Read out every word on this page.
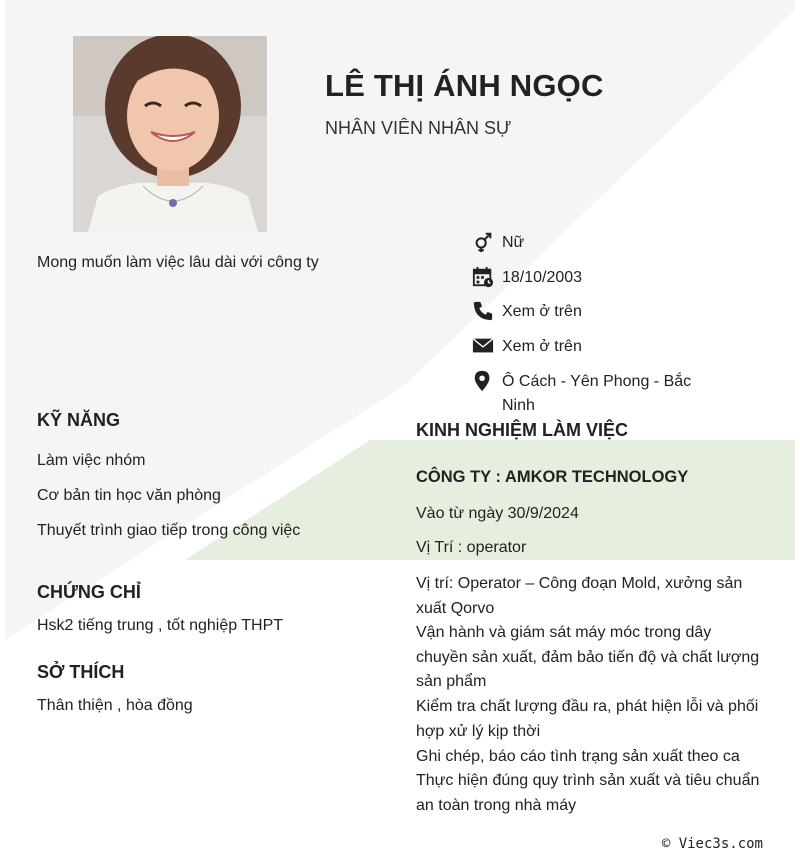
LÊ THỊ ÁNH NGỌC

NHÂN VIÊN NHÂN SỰ

Mong muốn làm việc lâu dài với công ty
Nữ
18/10/2003
Xem ở trên
Xem ở trên
Ô Cách - Yên Phong - Bắc Ninh
KỸ NĂNG
Làm việc nhóm
Cơ bản tin học văn phòng
Thuyết trình giao tiếp trong công việc
CHỨNG CHỈ
Hsk2 tiếng trung , tốt nghiệp THPT
SỞ THÍCH
Thân thiện , hòa đồng
KINH NGHIỆM LÀM VIỆC
CÔNG TY : AMKOR TECHNOLOGY
Vào từ ngày 30/9/2024
Vị Trí : operator
Vị trí: Operator – Công đoạn Mold, xưởng sản xuất Qorvo
Vận hành và giám sát máy móc trong dây chuyền sản xuất, đảm bảo tiến độ và chất lượng sản phẩm
Kiểm tra chất lượng đầu ra, phát hiện lỗi và phối hợp xử lý kịp thời
Ghi chép, báo cáo tình trạng sản xuất theo ca
Thực hiện đúng quy trình sản xuất và tiêu chuẩn an toàn trong nhà máy
© Viec3s.com
